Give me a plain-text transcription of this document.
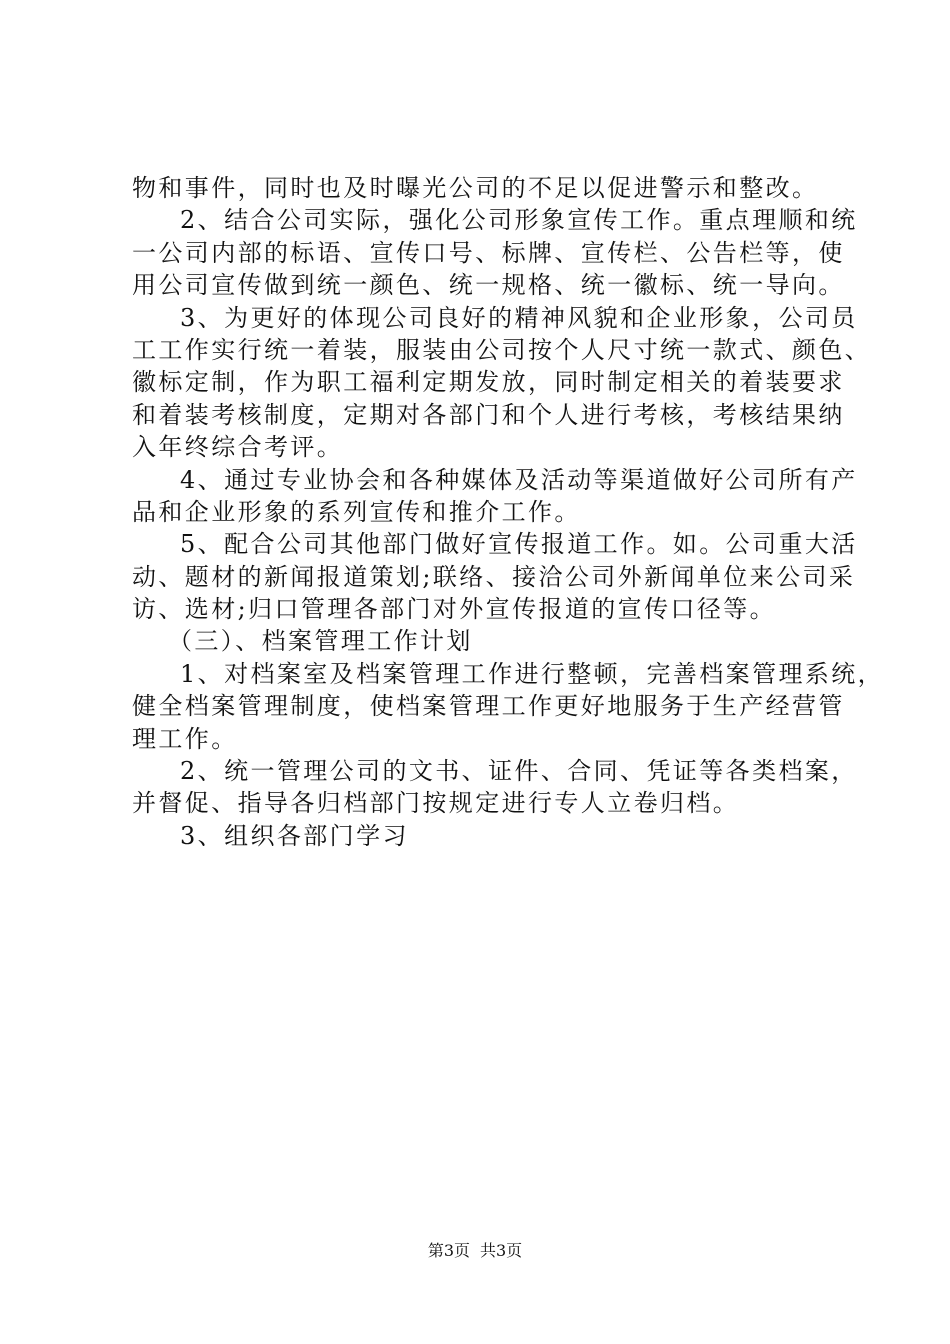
物和事件，同时也及时曝光公司的不足以促进警示和整改。
2、结合公司实际，强化公司形象宣传工作。重点理顺和统
一公司内部的标语、宣传口号、标牌、宣传栏、公告栏等，使
用公司宣传做到统一颜色、统一规格、统一徽标、统一导向。
3、为更好的体现公司良好的精神风貌和企业形象，公司员
工工作实行统一着装，服装由公司按个人尺寸统一款式、颜色、
徽标定制，作为职工福利定期发放，同时制定相关的着装要求
和着装考核制度，定期对各部门和个人进行考核，考核结果纳
入年终综合考评。
4、通过专业协会和各种媒体及活动等渠道做好公司所有产
品和企业形象的系列宣传和推介工作。
5、配合公司其他部门做好宣传报道工作。如。公司重大活
动、题材的新闻报道策划;联络、接洽公司外新闻单位来公司采
访、选材;归口管理各部门对外宣传报道的宣传口径等。
（三）、档案管理工作计划
1、对档案室及档案管理工作进行整顿，完善档案管理系统，
健全档案管理制度，使档案管理工作更好地服务于生产经营管
理工作。
2、统一管理公司的文书、证件、合同、凭证等各类档案，
并督促、指导各归档部门按规定进行专人立卷归档。
3、组织各部门学习
第3页 共3页
